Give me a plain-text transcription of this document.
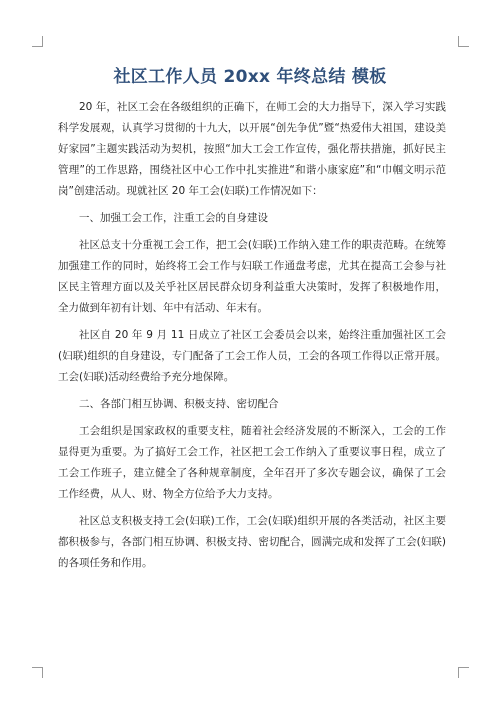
社区工作人员 20xx 年终总结 模板

20 年，社区工会在各级组织的正确下，在师工会的大力指导下，深入学习实践科学发展观，认真学习贯彻的十九大，以开展“创先争优”暨“热爱伟大祖国，建设美好家园”主题实践活动为契机，按照“加大工会工作宣传，强化帮扶措施，抓好民主管理”的工作思路，围绕社区中心工作中扎实推进“和谐小康家庭”和“巾帼文明示范岗”创建活动。现就社区 20 年工会(妇联)工作情况如下：

一、加强工会工作，注重工会的自身建设

社区总支十分重视工会工作，把工会(妇联)工作纳入建工作的职责范畴。在统筹加强建工作的同时，始终将工会工作与妇联工作通盘考虑，尤其在提高工会参与社区民主管理方面以及关乎社区居民群众切身利益重大决策时，发挥了积极地作用，全力做到年初有计划、年中有活动、年末有。

社区自 20 年 9 月 11 日成立了社区工会委员会以来，始终注重加强社区工会(妇联)组织的自身建设，专门配备了工会工作人员，工会的各项工作得以正常开展。工会(妇联)活动经费给予充分地保障。

二、各部门相互协调、积极支持、密切配合

工会组织是国家政权的重要支柱，随着社会经济发展的不断深入，工会的工作显得更为重要。为了搞好工会工作，社区把工会工作纳入了重要议事日程，成立了工会工作班子，建立健全了各种规章制度，全年召开了多次专题会议，确保了工会工作经费，从人、财、物全方位给予大力支持。

社区总支积极支持工会(妇联)工作，工会(妇联)组织开展的各类活动，社区主要都积极参与，各部门相互协调、积极支持、密切配合，圆满完成和发挥了工会(妇联)的各项任务和作用。
